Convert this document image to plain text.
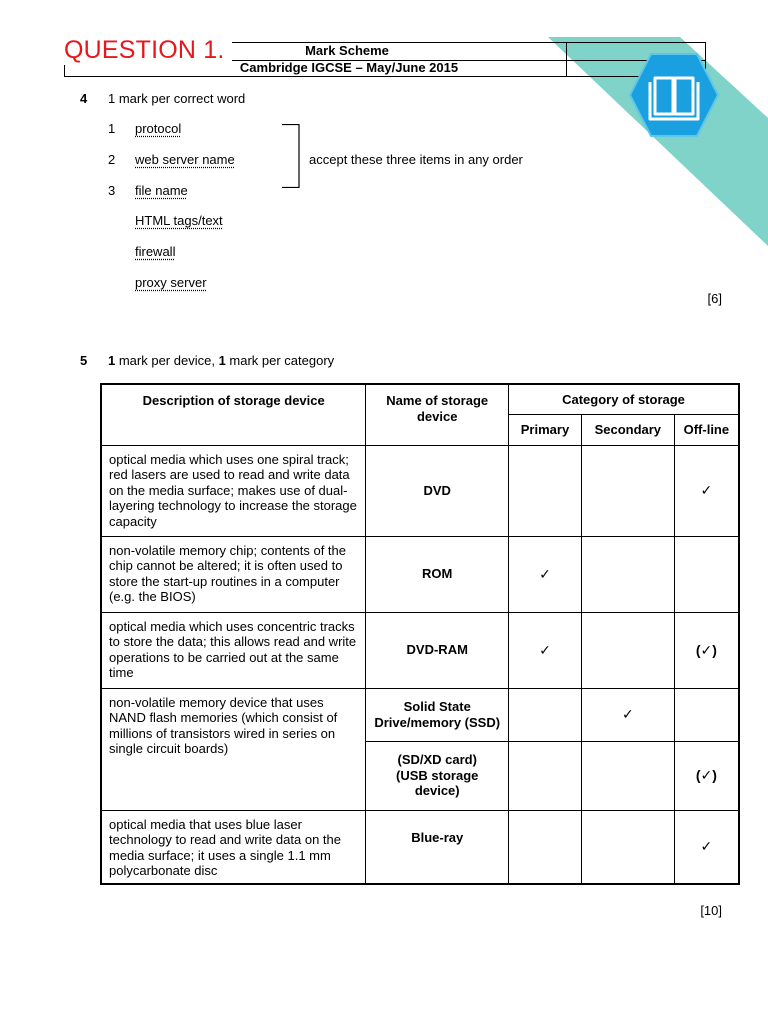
Mark Scheme
Cambridge IGCSE – May/June 2015
QUESTION 1.
4 1 mark per correct word
1 protocol
2 web server name
3 file name
HTML tags/text
firewall
proxy server
accept these three items in any order
[6]
5 1 mark per device, 1 mark per category
Description of storage device	Name of storage device	Category of storage		
		Primary	Secondary	Off-line
optical media which uses one spiral track; red lasers are used to read and write data on the media surface; makes use of dual-layering technology to increase the storage capacity	DVD			✓
non-volatile memory chip; contents of the chip cannot be altered; it is often used to store the start-up routines in a computer (e.g. the BIOS)	ROM	✓		
optical media which uses concentric tracks to store the data; this allows read and write operations to be carried out at the same time	DVD-RAM	✓		(✓)
non-volatile memory device that uses NAND flash memories (which consist of millions of transistors wired in series on single circuit boards)	Solid State Drive/memory (SSD)		✓	
	(SD/XD card) (USB storage device)			(✓)
optical media that uses blue laser technology to read and write data on the media surface; it uses a single 1.1 mm polycarbonate disc	Blue-ray			✓
[10]
